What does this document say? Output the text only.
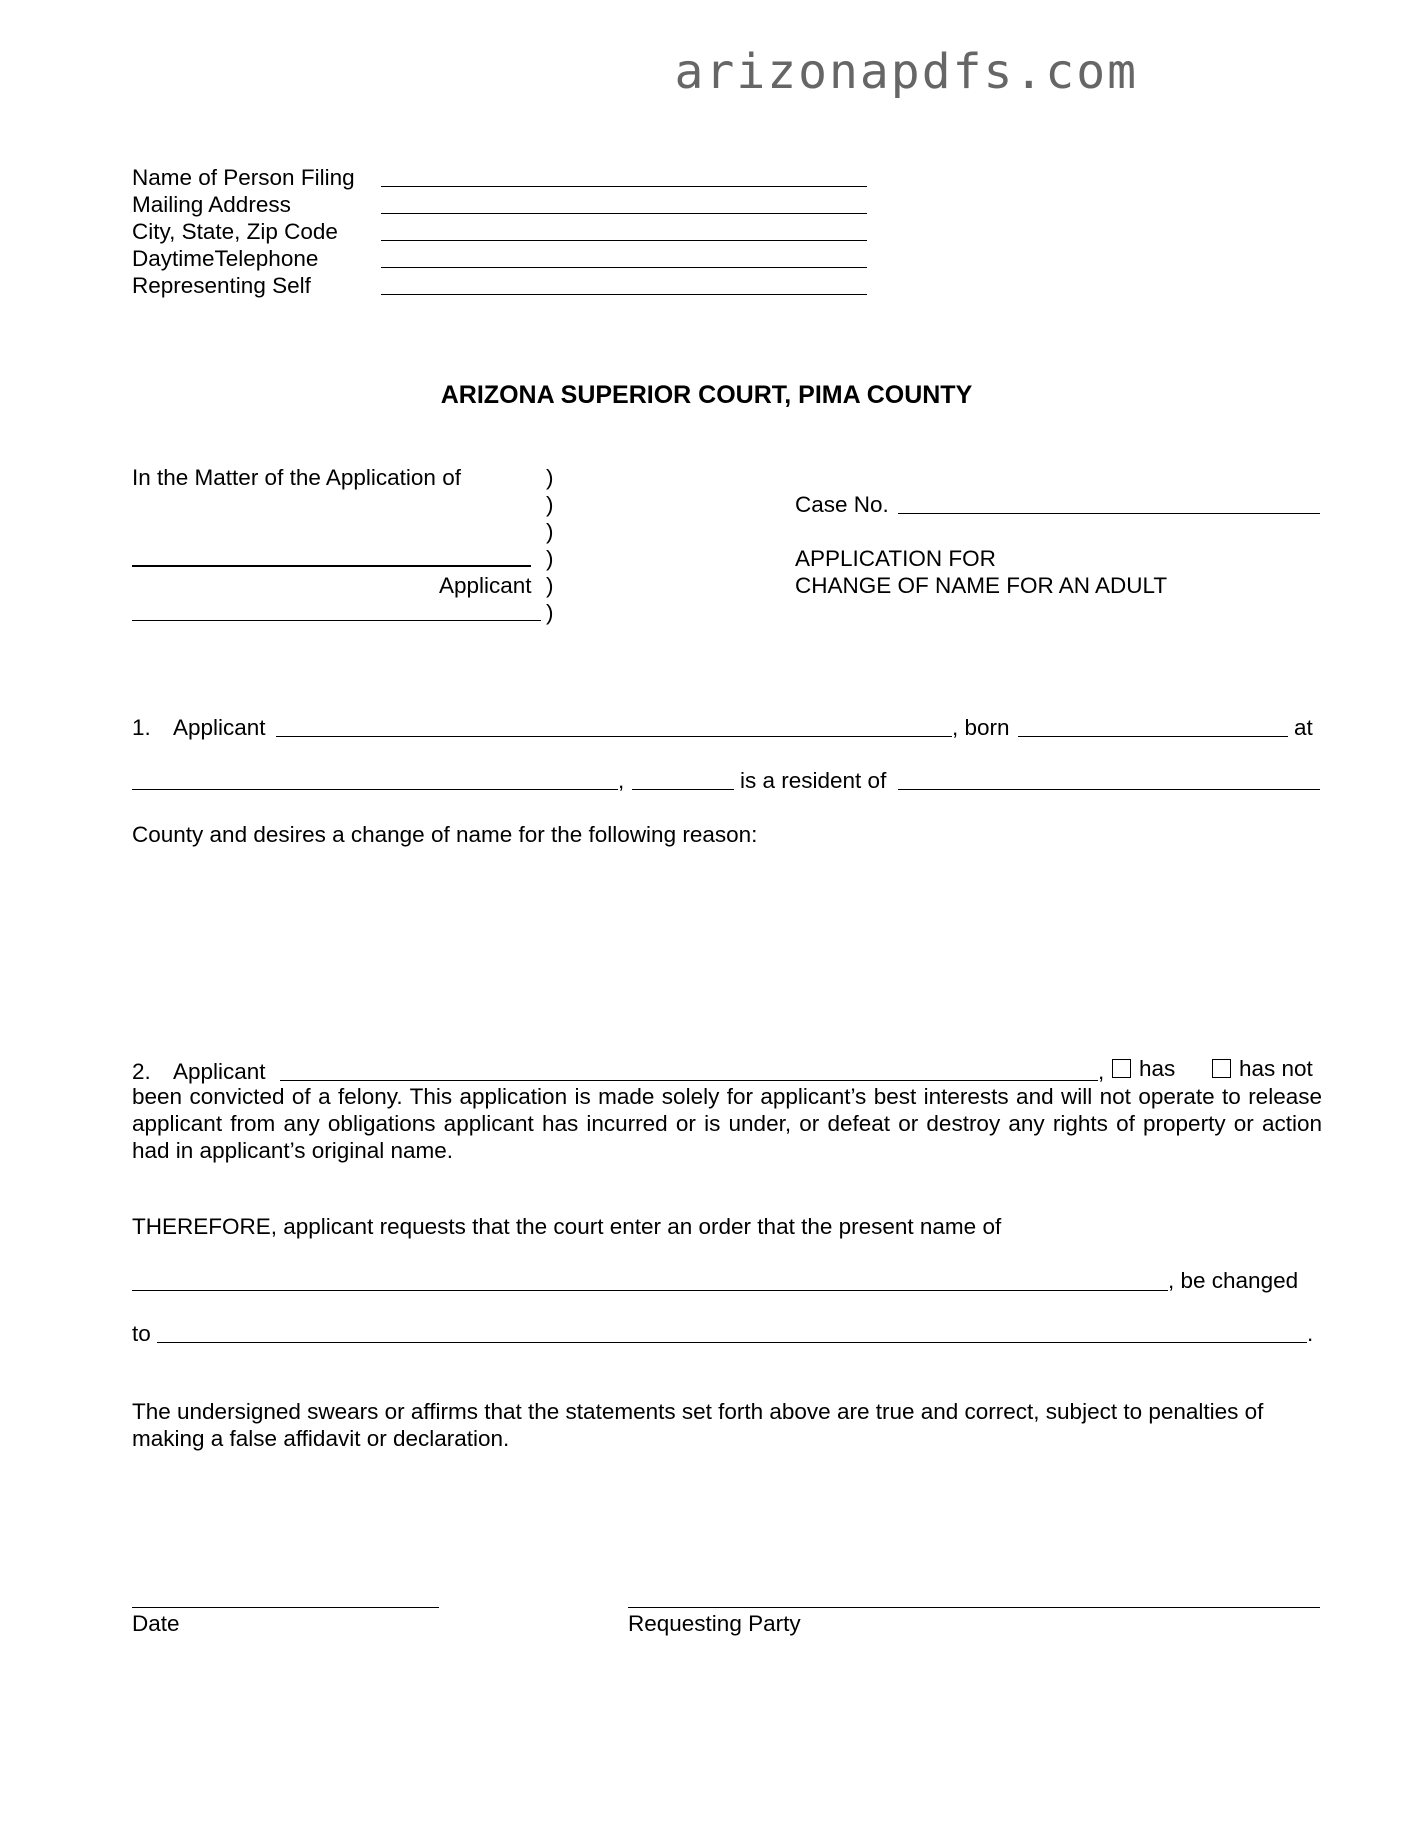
arizonapdfs.com
Name of Person Filing
Mailing Address
City, State, Zip Code
DaytimeTelephone
Representing Self
ARIZONA SUPERIOR COURT, PIMA COUNTY
In the Matter of the Application of	)
)
)
)
)
)
Applicant
Case No.
APPLICATION FOR
CHANGE OF NAME FOR AN ADULT
1. Applicant	, born	at
,	is a resident of
County and desires a change of name for the following reason:
2. Applicant	,	has	has not
been convicted of a felony. This application is made solely for applicant’s best interests and will not operate to release applicant from any obligations applicant has incurred or is under, or defeat or destroy any rights of property or action had in applicant’s original name.
THEREFORE, applicant requests that the court enter an order that the present name of
, be changed
to	.
The undersigned swears or affirms that the statements set forth above are true and correct, subject to penalties of making a false affidavit or declaration.
Date	Requesting Party
